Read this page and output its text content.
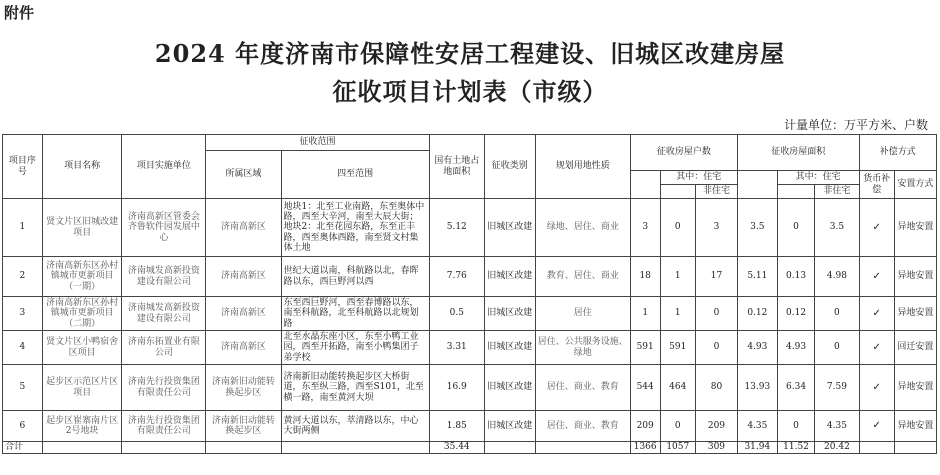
附件
2024 年度济南市保障性安居工程建设、旧城区改建房屋
征收项目计划表（市级）
计量单位：万平方米、户数
项目序号	项目名称	项目实施单位	征收范围		国有土地占地面积	征收类别	规划用地性质	征收房屋户数			征收房屋面积			补偿方式	
			所属区域	四至范围											
									其中：住宅			其中：住宅		货币补偿	安置方式
										非住宅			非住宅		
1	贤文片区旧城改建项目	济南高新区管委会齐鲁软件园发展中心	济南高新区	地块1：北至工业南路，东至奥体中路，西至大辛河，南至大辰大街；地块2：北至花园东路，东至正丰路，西至奥体西路，南至贤文村集体土地	5.12	旧城区改建	绿地、居住、商业	3	0	3	3.5	0	3.5	✓	异地安置
2	济南高新东区孙村镇城市更新项目（一期）	济南城发高新投资建设有限公司	济南高新区	世纪大道以南，科航路以北，春晖路以东，西巨野河以西	7.76	旧城区改建	教育、居住、商业	18	1	17	5.11	0.13	4.98	✓	异地安置
3	济南高新东区孙村镇城市更新项目（二期）	济南城发高新投资建设有限公司	济南高新区	东至西巨野河，西至春博路以东，南至科航路，北至科航路以北规划路	0.5	旧城区改建	居住	1	1	0	0.12	0.12	0	✓	异地安置
4	贤文片区小鸭宿舍区项目	济南东拓置业有限公司	济南高新区	北至水晶东座小区，东至小鸭工业园，西至开拓路，南至小鸭集团子弟学校	3.31	旧城区改建	居住、公共服务设施、绿地	591	591	0	4.93	4.93	0	✓	回迁安置
5	起步区示范区片区项目	济南先行投资集团有限责任公司	济南新旧动能转换起步区	济南新旧动能转换起步区大桥街道，东至纵三路，西至S101，北至横一路，南至黄河大坝	16.9	旧城区改建	居住、商业、教育	544	464	80	13.93	6.34	7.59	✓	异地安置
6	起步区崔寨南片区2号地块	济南先行投资集团有限责任公司	济南新旧动能转换起步区	黄河大道以东，萃清路以东，中心大街两侧	1.85	旧城区改建	居住、商业、教育	209	0	209	4.35	0	4.35	✓	异地安置
合计					35.44			1366	1057	309	31.94	11.52	20.42		
